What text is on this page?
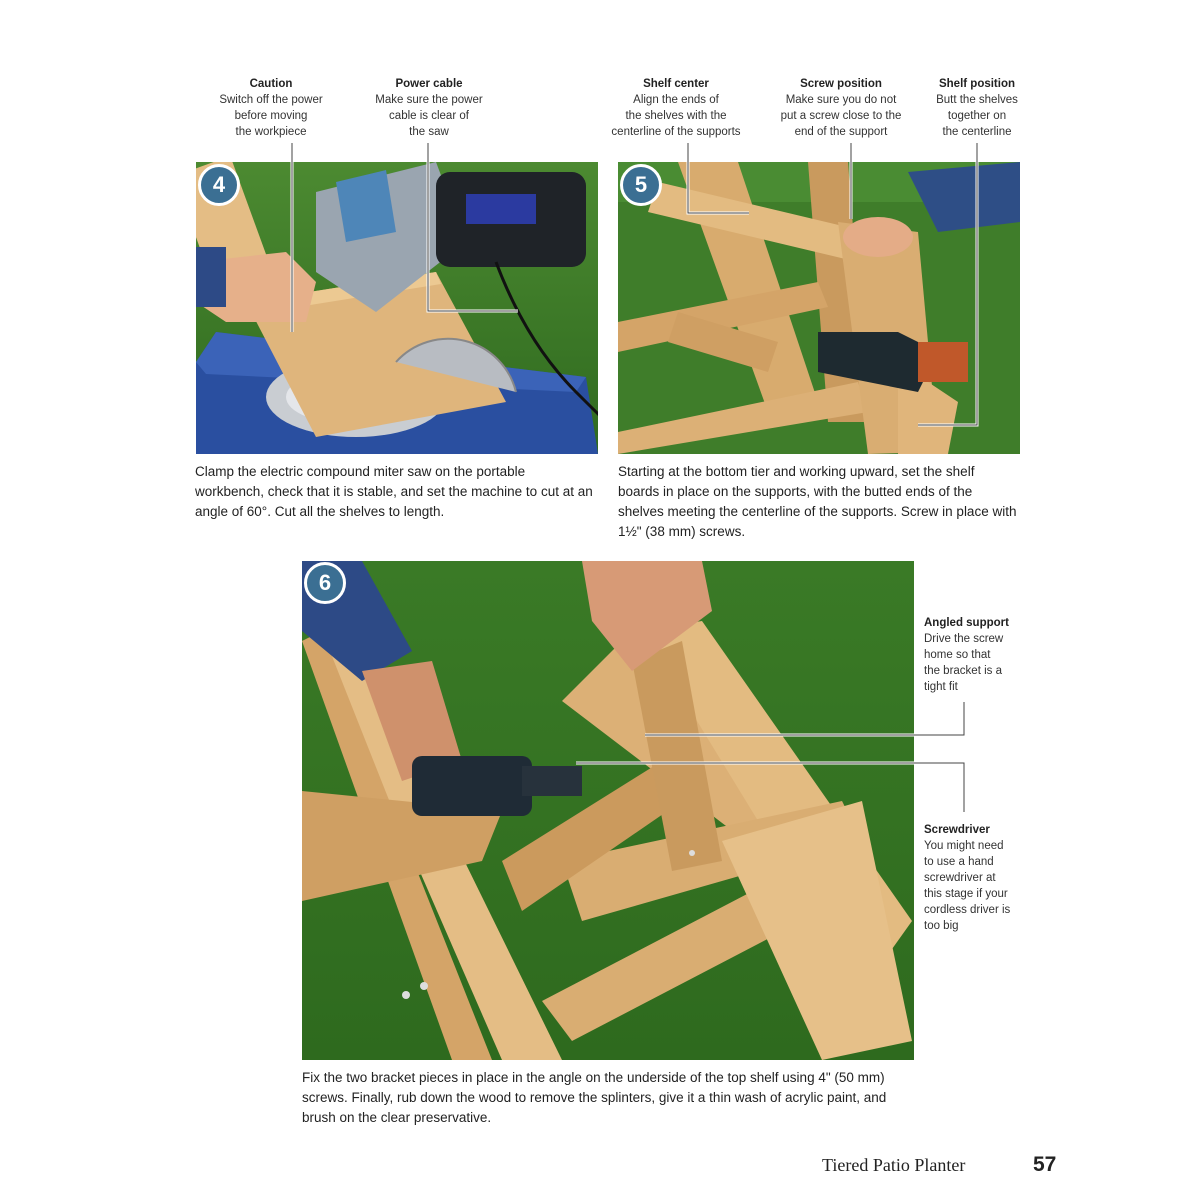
Caution
Switch off the power
before moving
the workpiece
Power cable
Make sure the power
cable is clear of
the saw
4
Clamp the electric compound miter saw on the portable workbench, check that it is stable, and set the machine to cut at an angle of 60°. Cut all the shelves to length.
Shelf center
Align the ends of
the shelves with the
centerline of the supports
Screw position
Make sure you do not
put a screw close to the
end of the support
Shelf position
Butt the shelves
together on
the centerline
5
Starting at the bottom tier and working upward, set the shelf boards in place on the supports, with the butted ends of the shelves meeting the centerline of the supports. Screw in place with 1½" (38 mm) screws.
6
Angled support
Drive the screw
home so that
the bracket is a
tight fit
Screwdriver
You might need
to use a hand
screwdriver at
this stage if your
cordless driver is
too big
Fix the two bracket pieces in place in the angle on the underside of the top shelf using 4" (50 mm) screws. Finally, rub down the wood to remove the splinters, give it a thin wash of acrylic paint, and brush on the clear preservative.
Tiered Patio Planter	57
